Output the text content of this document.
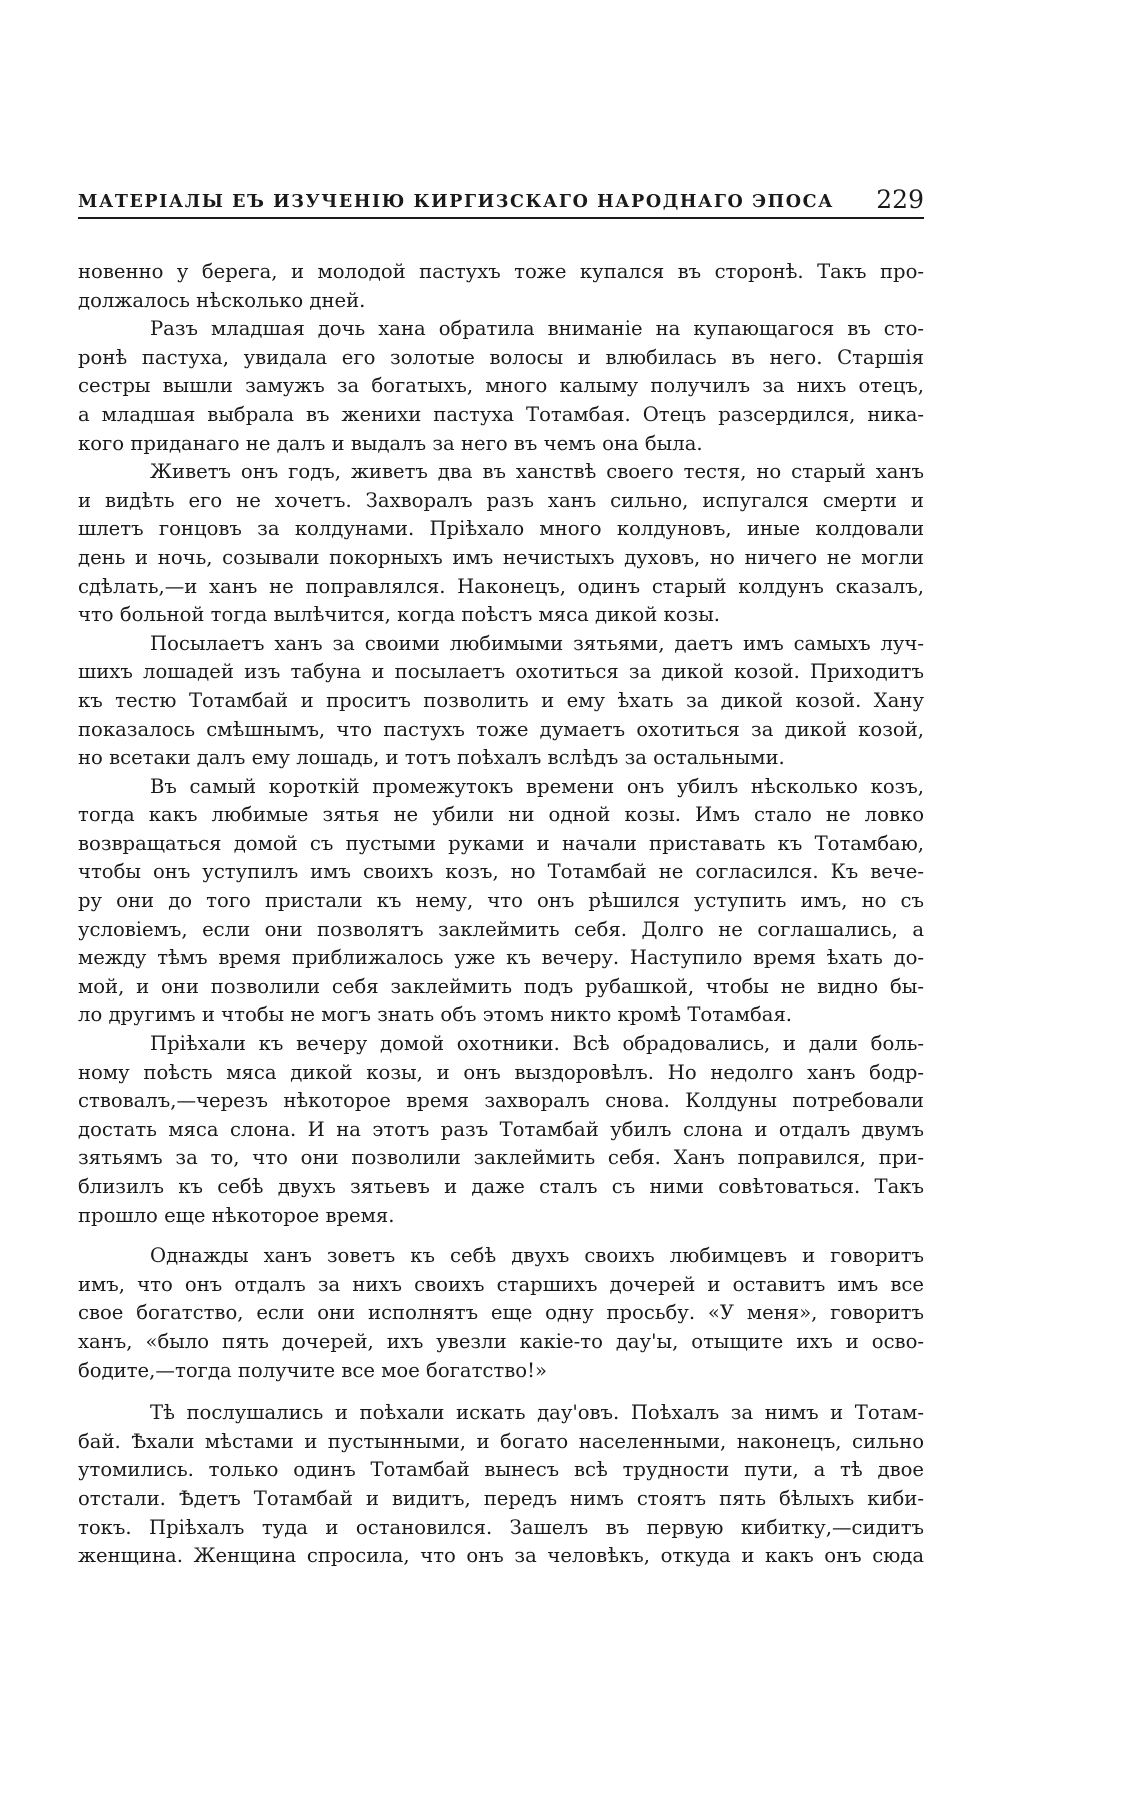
МАТЕРІАЛЫ ЕЪ ИЗУЧЕНІЮ КИРГИЗСКАГО НАРОДНАГО ЭПОСА 229
новенно у берега, и молодой пастухъ тоже купался въ сторонѣ. Такъ про-
должалось нѣсколько дней.
Разъ младшая дочь хана обратила вниманіе на купающагося въ сто-
ронѣ пастуха, увидала его золотые волосы и влюбилась въ него. Старшія
сестры вышли замужъ за богатыхъ, много калыму получилъ за нихъ отецъ,
а младшая выбрала въ женихи пастуха Тотамбая. Отецъ разсердился, ника-
кого приданаго не далъ и выдалъ за него въ чемъ она была.
Живетъ онъ годъ, живетъ два въ ханствѣ своего тестя, но старый ханъ
и видѣть его не хочетъ. Захворалъ разъ ханъ сильно, испугался смерти и
шлетъ гонцовъ за колдунами. Пріѣхало много колдуновъ, иные колдовали
день и ночь, созывали покорныхъ имъ нечистыхъ духовъ, но ничего не могли
сдѣлать,—и ханъ не поправлялся. Наконецъ, одинъ старый колдунъ сказалъ,
что больной тогда вылѣчится, когда поѣстъ мяса дикой козы.
Посылаетъ ханъ за своими любимыми зятьями, даетъ имъ самыхъ луч-
шихъ лошадей изъ табуна и посылаетъ охотиться за дикой козой. Приходитъ
къ тестю Тотамбай и проситъ позволить и ему ѣхать за дикой козой. Хану
показалось смѣшнымъ, что пастухъ тоже думаетъ охотиться за дикой козой,
но всетаки далъ ему лошадь, и тотъ поѣхалъ вслѣдъ за остальными.
Въ самый короткій промежутокъ времени онъ убилъ нѣсколько козъ,
тогда какъ любимые зятья не убили ни одной козы. Имъ стало не ловко
возвращаться домой съ пустыми руками и начали приставать къ Тотамбаю,
чтобы онъ уступилъ имъ своихъ козъ, но Тотамбай не согласился. Къ вече-
ру они до того пристали къ нему, что онъ рѣшился уступить имъ, но съ
условіемъ, если они позволятъ заклеймить себя. Долго не соглашались, а
между тѣмъ время приближалось уже къ вечеру. Наступило время ѣхать до-
мой, и они позволили себя заклеймить подъ рубашкой, чтобы не видно бы-
ло другимъ и чтобы не могъ знать объ этомъ никто кромѣ Тотамбая.
Пріѣхали къ вечеру домой охотники. Всѣ обрадовались, и дали боль-
ному поѣсть мяса дикой козы, и онъ выздоровѣлъ. Но недолго ханъ бодр-
ствовалъ,—черезъ нѣкоторое время захворалъ снова. Колдуны потребовали
достать мяса слона. И на этотъ разъ Тотамбай убилъ слона и отдалъ двумъ
зятьямъ за то, что они позволили заклеймить себя. Ханъ поправился, при-
близилъ къ себѣ двухъ зятьевъ и даже сталъ съ ними совѣтоваться. Такъ
прошло еще нѣкоторое время.
Однажды ханъ зоветъ къ себѣ двухъ своихъ любимцевъ и говоритъ
имъ, что онъ отдалъ за нихъ своихъ старшихъ дочерей и оставитъ имъ все
свое богатство, если они исполнятъ еще одну просьбу. «У меня», говоритъ
ханъ, «было пять дочерей, ихъ увезли какіе-то дау'ы, отыщите ихъ и осво-
бодите,—тогда получите все мое богатство!»
Тѣ послушались и поѣхали искать дау'овъ. Поѣхалъ за нимъ и Тотам-
бай. Ѣхали мѣстами и пустынными, и богато населенными, наконецъ, сильно
утомились. только одинъ Тотамбай вынесъ всѣ трудности пути, а тѣ двое
отстали. Ѣдетъ Тотамбай и видитъ, передъ нимъ стоятъ пять бѣлыхъ киби-
токъ. Пріѣхалъ туда и остановился. Зашелъ въ первую кибитку,—сидитъ
женщина. Женщина спросила, что онъ за человѣкъ, откуда и какъ онъ сюда
